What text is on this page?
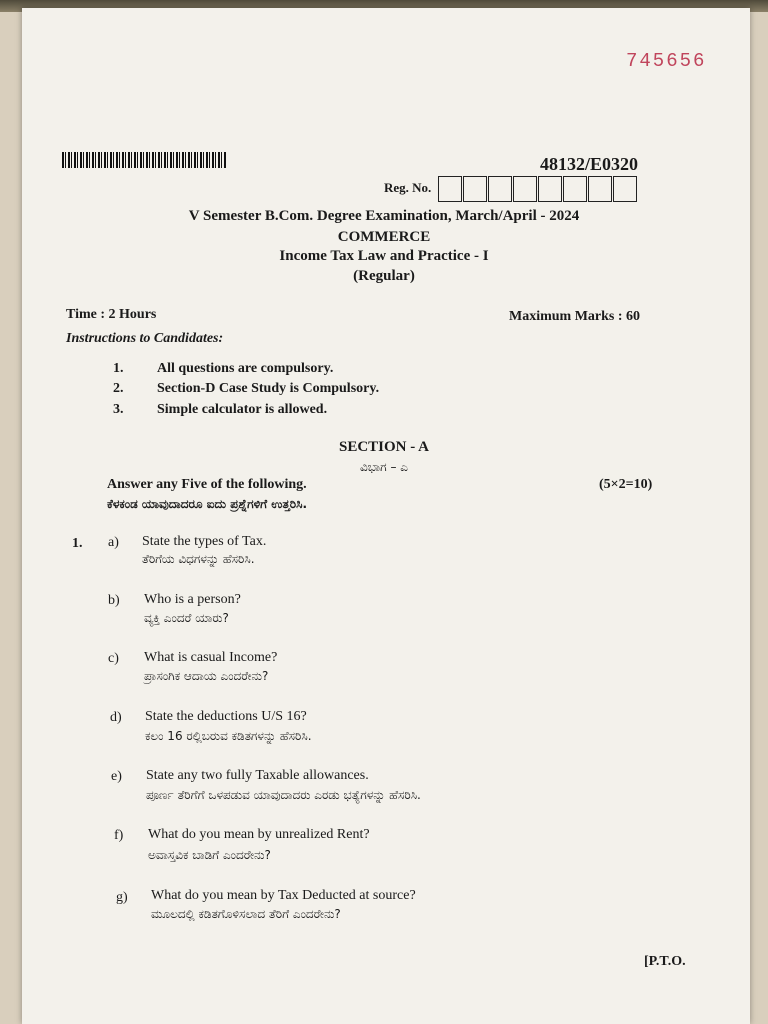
745656
48132/E0320
Reg. No.
V Semester B.Com. Degree Examination, March/April - 2024
COMMERCE
Income Tax Law and Practice - I
(Regular)
Time : 2 Hours	Maximum Marks : 60
Instructions to Candidates:
1. All questions are compulsory.
2. Section-D Case Study is Compulsory.
3. Simple calculator is allowed.
SECTION - A
ವಿಭಾಗ – ಎ
Answer any Five of the following.	(5×2=10)
ಕೆಳಕಂಡ ಯಾವುದಾದರೂ ಐದು ಪ್ರಶ್ನೆಗಳಿಗೆ ಉತ್ತರಿಸಿ.
1. a) State the types of Tax.
ತೆರಿಗೆಯ ವಿಧಗಳನ್ನು ಹೆಸರಿಸಿ.
b) Who is a person?
ವ್ಯಕ್ತಿ ಎಂದರೆ ಯಾರು?
c) What is casual Income?
ಪ್ರಾಸಂಗಿಕ ಆದಾಯ ಎಂದರೇನು?
d) State the deductions U/S 16?
ಕಲಂ 16 ರಲ್ಲಿಬರುವ ಕಡಿತಗಳನ್ನು ಹೆಸರಿಸಿ.
e) State any two fully Taxable allowances.
ಪೂರ್ಣ ತೆರಿಗೆಗೆ ಒಳಪಡುವ ಯಾವುದಾದರು ಎರಡು ಭತ್ಯೆಗಳನ್ನು ಹೆಸರಿಸಿ.
f) What do you mean by unrealized Rent?
ಅವಾಸ್ತವಿಕ ಬಾಡಿಗೆ ಎಂದರೇನು?
g) What do you mean by Tax Deducted at source?
ಮೂಲದಲ್ಲಿ ಕಡಿತಗೊಳಿಸಲಾದ ತೆರಿಗೆ ಎಂದರೇನು?
[P.T.O.
